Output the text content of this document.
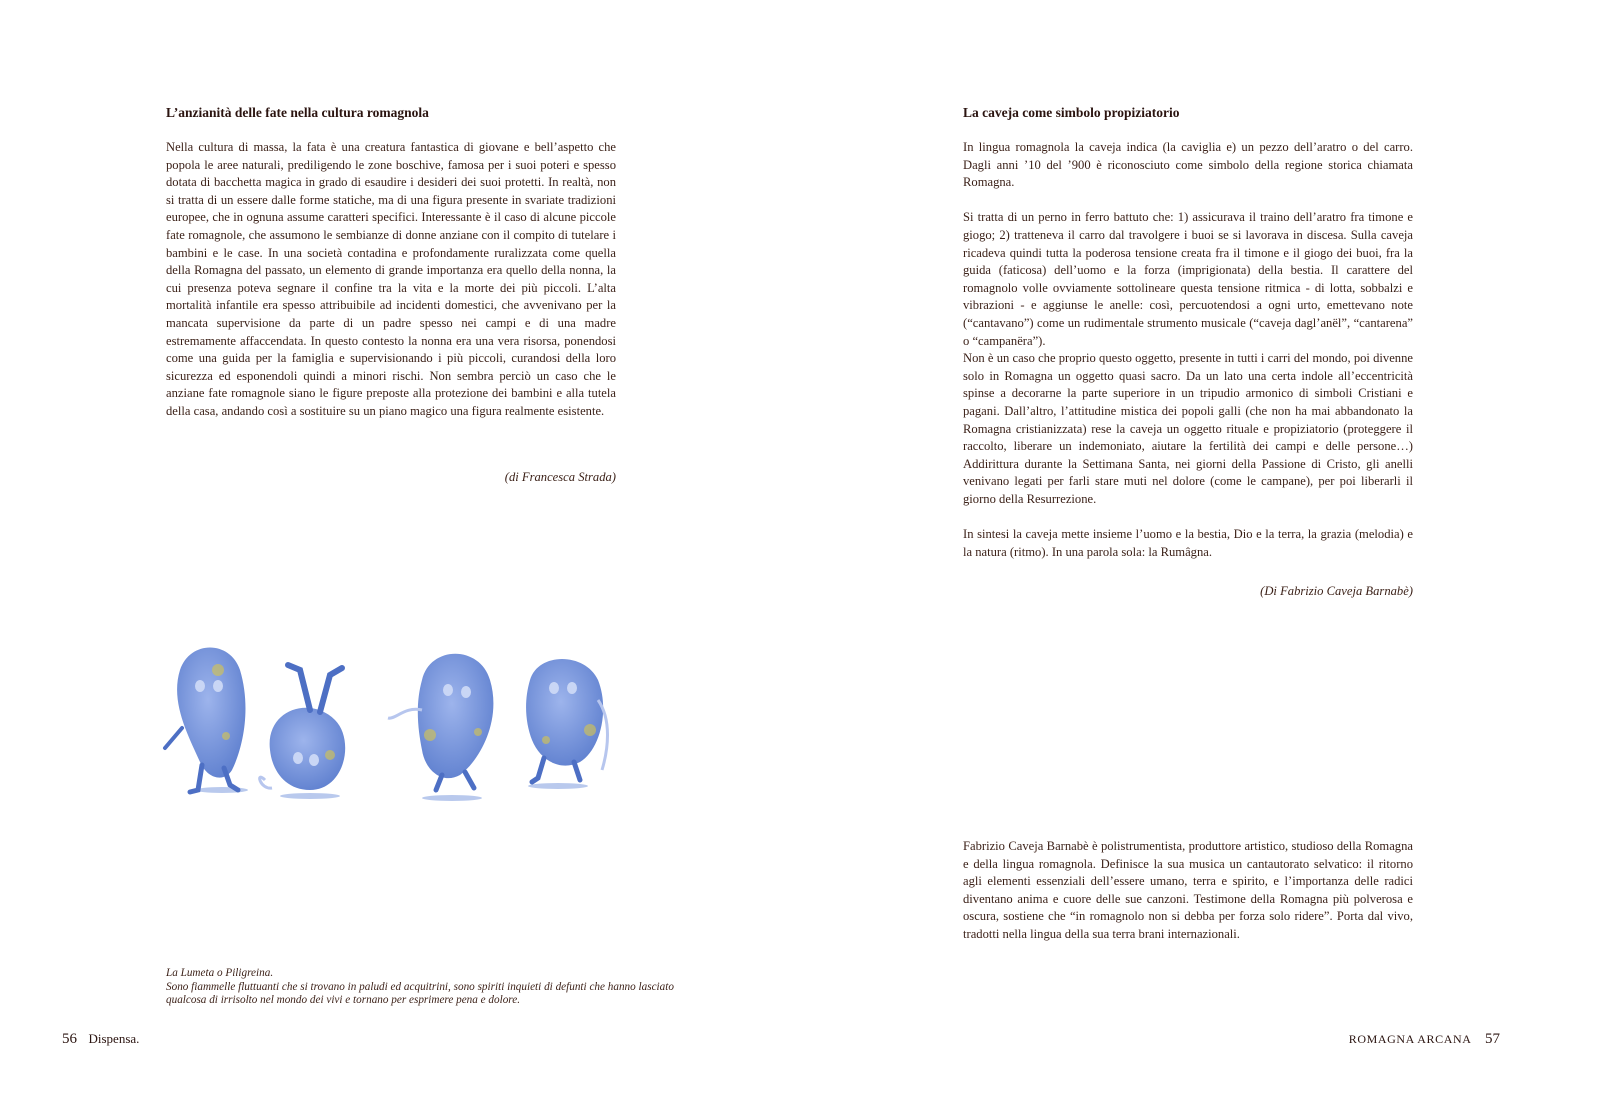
L’anzianità delle fate nella cultura romagnola

Nella cultura di massa, la fata è una creatura fantastica di giovane e bell’aspetto che popola le aree naturali, prediligendo le zone boschive, famosa per i suoi poteri e spesso dotata di bacchetta magica in grado di esaudire i desideri dei suoi protetti. In realtà, non si tratta di un essere dalle forme statiche, ma di una figura presente in svariate tradizioni europee, che in ognuna assume caratteri specifici. Interessante è il caso di alcune piccole fate romagnole, che assumono le sembianze di donne anziane con il compito di tutelare i bambini e le case. In una società contadina e profondamente ruralizzata come quella della Romagna del passato, un elemento di grande importanza era quello della nonna, la cui presenza poteva segnare il confine tra la vita e la morte dei più piccoli. L’alta mortalità infantile era spesso attribuibile ad incidenti domestici, che avvenivano per la mancata supervisione da parte di un padre spesso nei campi e di una madre estremamente affaccendata. In questo contesto la nonna era una vera risorsa, ponendosi come una guida per la famiglia e supervisionando i più piccoli, curandosi della loro sicurezza ed esponendoli quindi a minori rischi. Non sembra perciò un caso che le anziane fate romagnole siano le figure preposte alla protezione dei bambini e alla tutela della casa, andando così a sostituire su un piano magico una figura realmente esistente.

(di Francesca Strada)
La Lumeta o Piligreina.
Sono fiammelle fluttuanti che si trovano in paludi ed acquitrini, sono spiriti inquieti di defunti che hanno lasciato qualcosa di irrisolto nel mondo dei vivi e tornano per esprimere pena e dolore.
56 Dispensa.
La caveja come simbolo propiziatorio

In lingua romagnola la caveja indica (la caviglia e) un pezzo dell’aratro o del carro. Dagli anni ’10 del ’900 è riconosciuto come simbolo della regione storica chiamata Romagna.

Si tratta di un perno in ferro battuto che: 1) assicurava il traino dell’aratro fra timone e giogo; 2) tratteneva il carro dal travolgere i buoi se si lavorava in discesa. Sulla caveja ricadeva quindi tutta la poderosa tensione creata fra il timone e il giogo dei buoi, fra la guida (faticosa) dell’uomo e la forza (imprigionata) della bestia. Il carattere del romagnolo volle ovviamente sottolineare questa tensione ritmica - di lotta, sobbalzi e vibrazioni - e aggiunse le anelle: così, percuotendosi a ogni urto, emettevano note (“cantavano”) come un rudimentale strumento musicale (“caveja dagl’anël”, “cantarena” o “campanëra”).

Non è un caso che proprio questo oggetto, presente in tutti i carri del mondo, poi divenne solo in Romagna un oggetto quasi sacro. Da un lato una certa indole all’eccentricità spinse a decorarne la parte superiore in un tripudio armonico di simboli Cristiani e pagani. Dall’altro, l’attitudine mistica dei popoli galli (che non ha mai abbandonato la Romagna cristianizzata) rese la caveja un oggetto rituale e propiziatorio (proteggere il raccolto, liberare un indemoniato, aiutare la fertilità dei campi e delle persone…) Addirittura durante la Settimana Santa, nei giorni della Passione di Cristo, gli anelli venivano legati per farli stare muti nel dolore (come le campane), per poi liberarli il giorno della Resurrezione.

In sintesi la caveja mette insieme l’uomo e la bestia, Dio e la terra, la grazia (melodia) e la natura (ritmo). In una parola sola: la Rumâgna.

(Di Fabrizio Caveja Barnabè)
Fabrizio Caveja Barnabè è polistrumentista, produttore artistico, studioso della Romagna e della lingua romagnola. Definisce la sua musica un cantautorato selvatico: il ritorno agli elementi essenziali dell’essere umano, terra e spirito, e l’importanza delle radici diventano anima e cuore delle sue canzoni. Testimone della Romagna più polverosa e oscura, sostiene che “in romagnolo non si debba per forza solo ridere”. Porta dal vivo, tradotti nella lingua della sua terra brani internazionali.
ROMAGNA ARCANA 57
